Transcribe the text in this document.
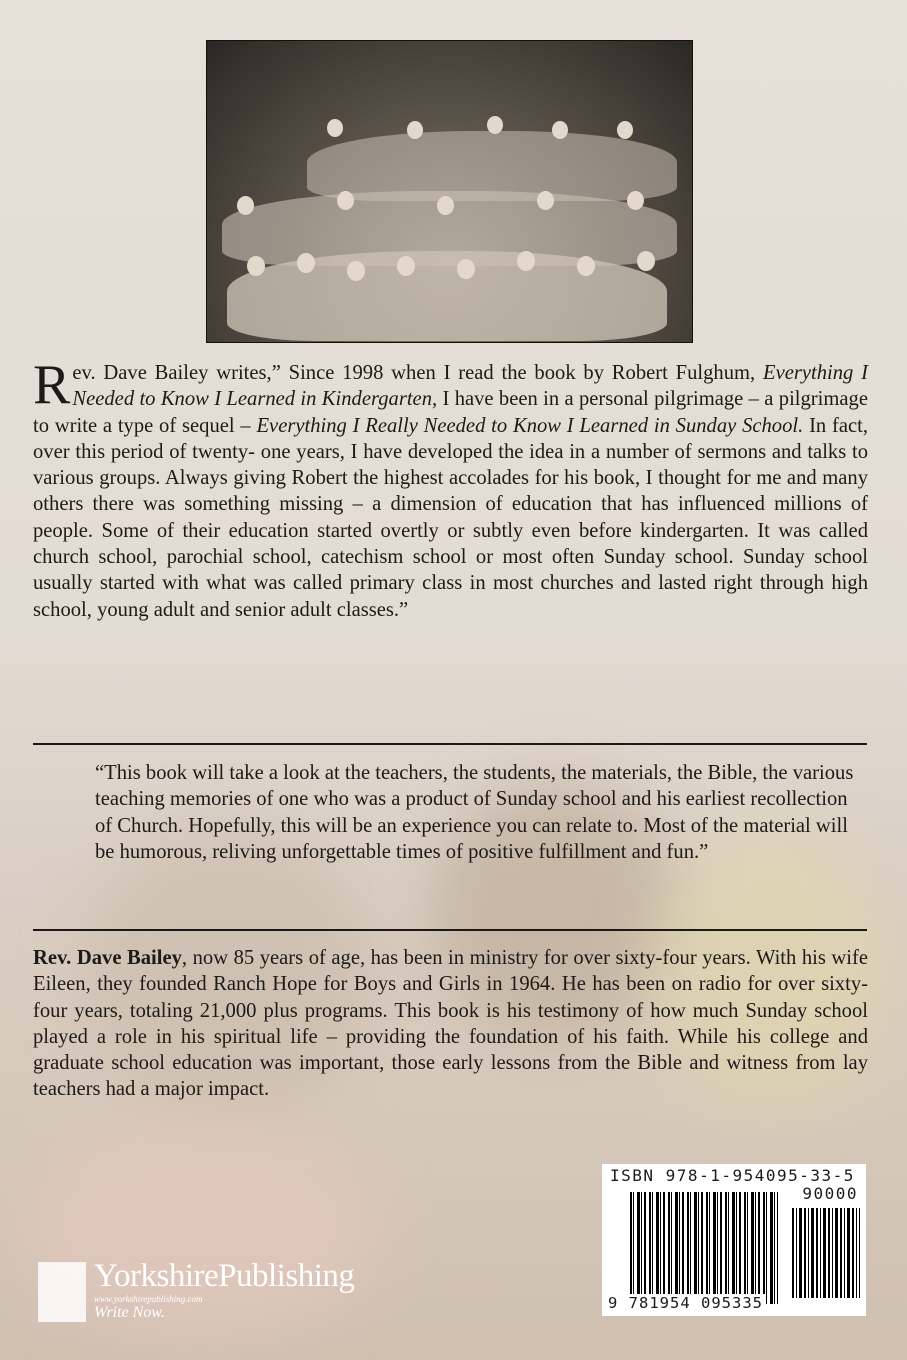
Rev. Dave Bailey writes,” Since 1998 when I read the book by Robert Fulghum, Everything I Needed to Know I Learned in Kindergarten, I have been in a personal pilgrimage – a pilgrimage to write a type of sequel – Everything I Really Needed to Know I Learned in Sunday School. In fact, over this period of twenty- one years, I have developed the idea in a number of sermons and talks to various groups. Always giving Robert the highest accolades for his book, I thought for me and many others there was something missing – a dimension of education that has influenced millions of people. Some of their education started overtly or subtly even before kindergarten. It was called church school, parochial school, catechism school or most often Sunday school. Sunday school usually started with what was called primary class in most churches and lasted right through high school, young adult and senior adult classes.”
“This book will take a look at the teachers, the students, the materials, the Bible, the various teaching memories of one who was a product of Sunday school and his earliest recollection of Church. Hopefully, this will be an experience you can relate to. Most of the material will be humorous, reliving unforgettable times of positive fulfillment and fun.”
Rev. Dave Bailey, now 85 years of age, has been in ministry for over sixty-four years. With his wife Eileen, they founded Ranch Hope for Boys and Girls in 1964. He has been on radio for over sixty-four years, totaling 21,000 plus programs. This book is his testimony of how much Sunday school played a role in his spiritual life – providing the foundation of his faith. While his college and graduate school education was important, those early lessons from the Bible and witness from lay teachers had a major impact.
YorkshirePublishing
www.yorkshirepublishing.com
Write Now.
ISBN 978-1-954095-33-5
90000
9 781954 095335
